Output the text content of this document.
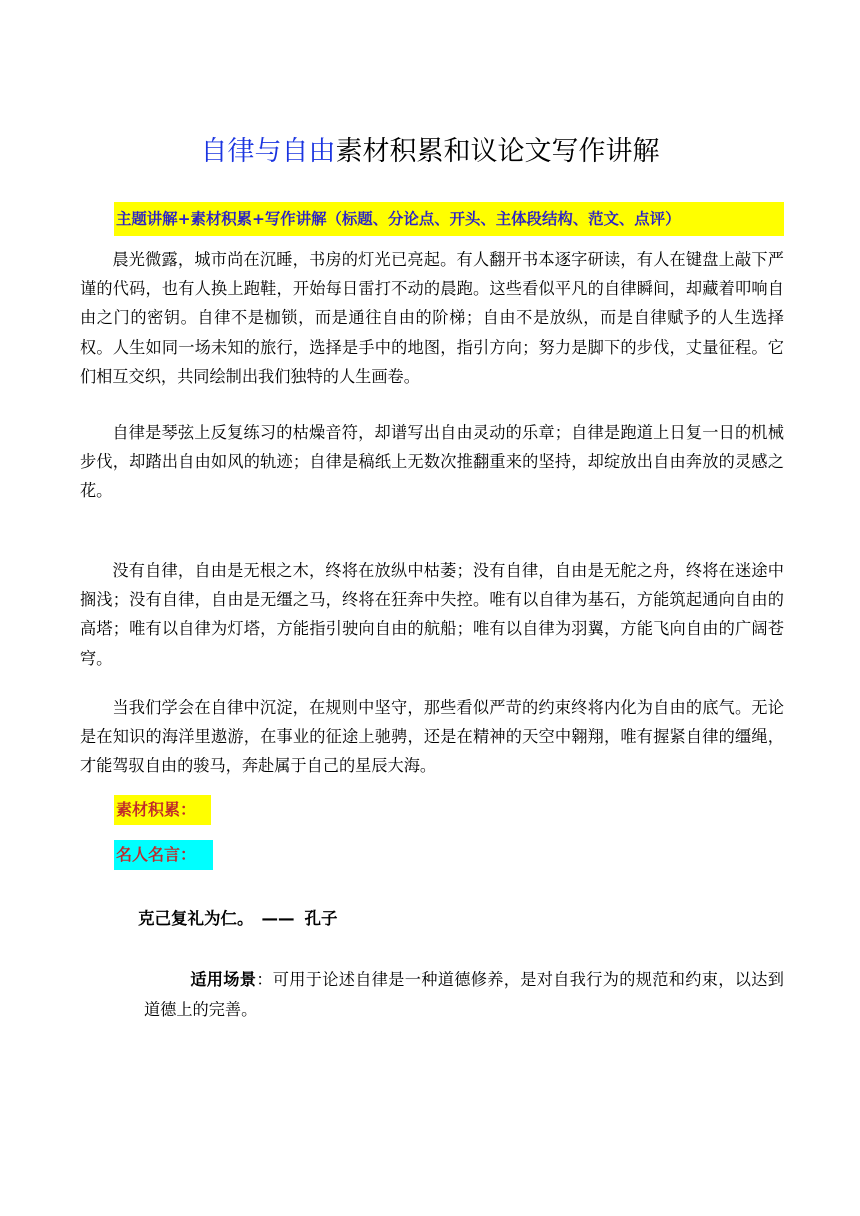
自律与自由素材积累和议论文写作讲解
主题讲解+素材积累+写作讲解（标题、分论点、开头、主体段结构、范文、点评）

晨光微露，城市尚在沉睡，书房的灯光已亮起。有人翻开书本逐字研读，有人在键盘上敲下严谨的代码，也有人换上跑鞋，开始每日雷打不动的晨跑。这些看似平凡的自律瞬间，却藏着叩响自由之门的密钥。自律不是枷锁，而是通往自由的阶梯；自由不是放纵，而是自律赋予的人生选择权。人生如同一场未知的旅行，选择是手中的地图，指引方向；努力是脚下的步伐，丈量征程。它们相互交织，共同绘制出我们独特的人生画卷。

自律是琴弦上反复练习的枯燥音符，却谱写出自由灵动的乐章；自律是跑道上日复一日的机械步伐，却踏出自由如风的轨迹；自律是稿纸上无数次推翻重来的坚持，却绽放出自由奔放的灵感之花。

没有自律，自由是无根之木，终将在放纵中枯萎；没有自律，自由是无舵之舟，终将在迷途中搁浅；没有自律，自由是无缰之马，终将在狂奔中失控。唯有以自律为基石，方能筑起通向自由的高塔；唯有以自律为灯塔，方能指引驶向自由的航船；唯有以自律为羽翼，方能飞向自由的广阔苍穹。

当我们学会在自律中沉淀，在规则中坚守，那些看似严苛的约束终将内化为自由的底气。无论是在知识的海洋里遨游，在事业的征途上驰骋，还是在精神的天空中翱翔，唯有握紧自律的缰绳，才能驾驭自由的骏马，奔赴属于自己的星辰大海。

素材积累：
名人名言：
克己复礼为仁。 —— 孔子

适用场景：可用于论述自律是一种道德修养，是对自我行为的规范和约束，以达到道德上的完善。
